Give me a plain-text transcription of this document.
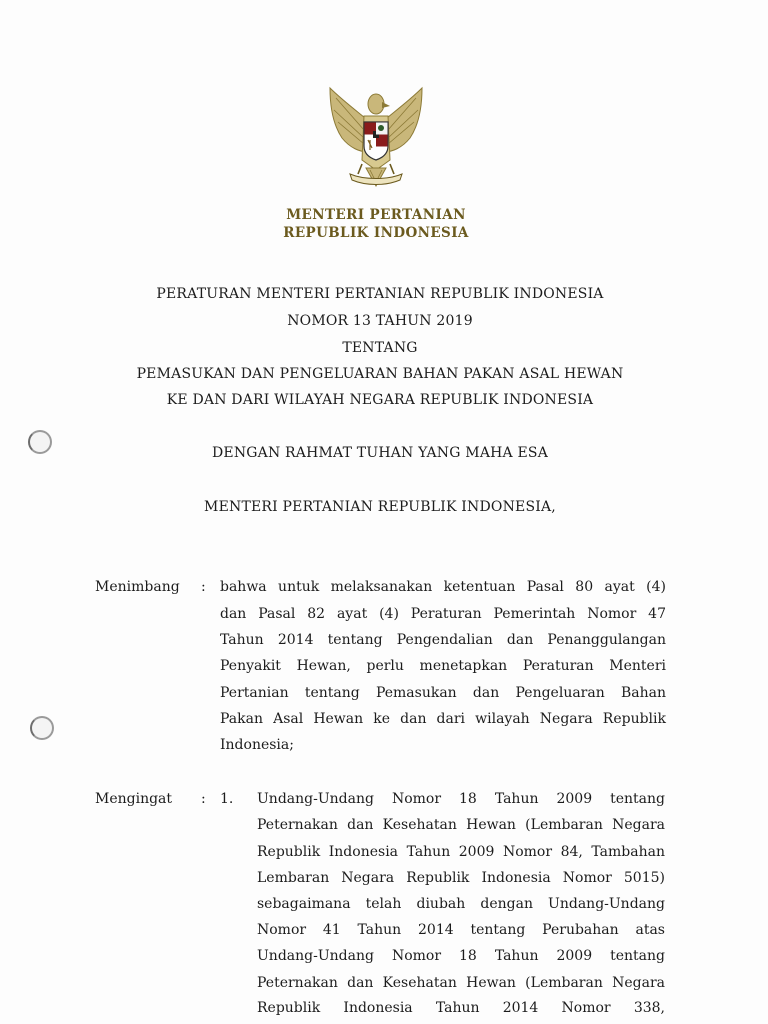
MENTERI PERTANIAN
REPUBLIK INDONESIA
PERATURAN MENTERI PERTANIAN REPUBLIK INDONESIA
NOMOR 13 TAHUN 2019
TENTANG
PEMASUKAN DAN PENGELUARAN BAHAN PAKAN ASAL HEWAN
KE DAN DARI WILAYAH NEGARA REPUBLIK INDONESIA
DENGAN RAHMAT TUHAN YANG MAHA ESA
MENTERI PERTANIAN REPUBLIK INDONESIA,
Menimbang : bahwa untuk melaksanakan ketentuan Pasal 80 ayat (4)
dan Pasal 82 ayat (4) Peraturan Pemerintah Nomor 47
Tahun 2014 tentang Pengendalian dan Penanggulangan
Penyakit Hewan, perlu menetapkan Peraturan Menteri
Pertanian tentang Pemasukan dan Pengeluaran Bahan
Pakan Asal Hewan ke dan dari wilayah Negara Republik
Indonesia;
Mengingat : 1. Undang-Undang Nomor 18 Tahun 2009 tentang
Peternakan dan Kesehatan Hewan (Lembaran Negara
Republik Indonesia Tahun 2009 Nomor 84, Tambahan
Lembaran Negara Republik Indonesia Nomor 5015)
sebagaimana telah diubah dengan Undang-Undang
Nomor 41 Tahun 2014 tentang Perubahan atas
Undang-Undang Nomor 18 Tahun 2009 tentang
Peternakan dan Kesehatan Hewan (Lembaran Negara
Republik Indonesia Tahun 2014 Nomor 338,
